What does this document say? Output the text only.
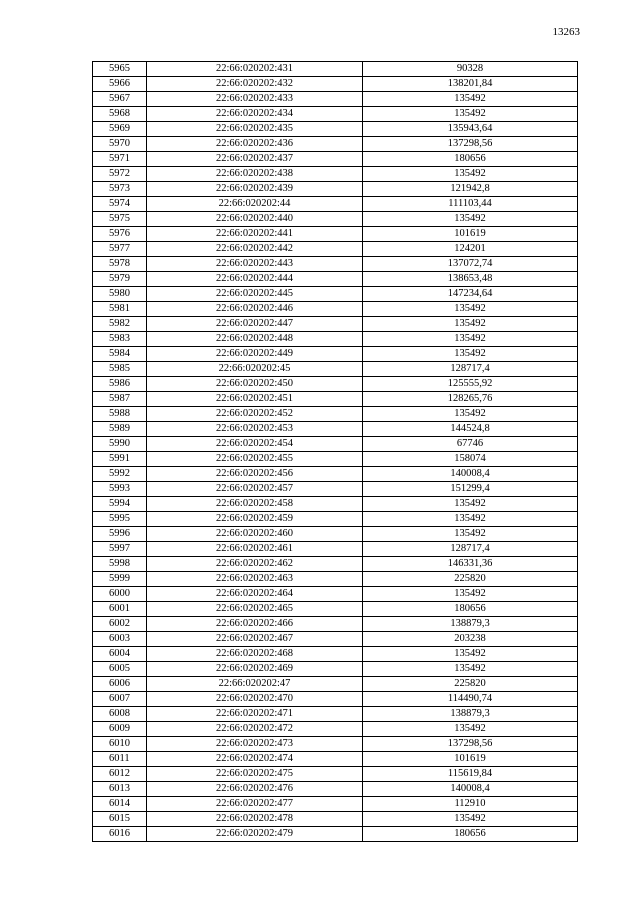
13263
5965	22:66:020202:431	90328
5966	22:66:020202:432	138201,84
5967	22:66:020202:433	135492
5968	22:66:020202:434	135492
5969	22:66:020202:435	135943,64
5970	22:66:020202:436	137298,56
5971	22:66:020202:437	180656
5972	22:66:020202:438	135492
5973	22:66:020202:439	121942,8
5974	22:66:020202:44	111103,44
5975	22:66:020202:440	135492
5976	22:66:020202:441	101619
5977	22:66:020202:442	124201
5978	22:66:020202:443	137072,74
5979	22:66:020202:444	138653,48
5980	22:66:020202:445	147234,64
5981	22:66:020202:446	135492
5982	22:66:020202:447	135492
5983	22:66:020202:448	135492
5984	22:66:020202:449	135492
5985	22:66:020202:45	128717,4
5986	22:66:020202:450	125555,92
5987	22:66:020202:451	128265,76
5988	22:66:020202:452	135492
5989	22:66:020202:453	144524,8
5990	22:66:020202:454	67746
5991	22:66:020202:455	158074
5992	22:66:020202:456	140008,4
5993	22:66:020202:457	151299,4
5994	22:66:020202:458	135492
5995	22:66:020202:459	135492
5996	22:66:020202:460	135492
5997	22:66:020202:461	128717,4
5998	22:66:020202:462	146331,36
5999	22:66:020202:463	225820
6000	22:66:020202:464	135492
6001	22:66:020202:465	180656
6002	22:66:020202:466	138879,3
6003	22:66:020202:467	203238
6004	22:66:020202:468	135492
6005	22:66:020202:469	135492
6006	22:66:020202:47	225820
6007	22:66:020202:470	114490,74
6008	22:66:020202:471	138879,3
6009	22:66:020202:472	135492
6010	22:66:020202:473	137298,56
6011	22:66:020202:474	101619
6012	22:66:020202:475	115619,84
6013	22:66:020202:476	140008,4
6014	22:66:020202:477	112910
6015	22:66:020202:478	135492
6016	22:66:020202:479	180656
